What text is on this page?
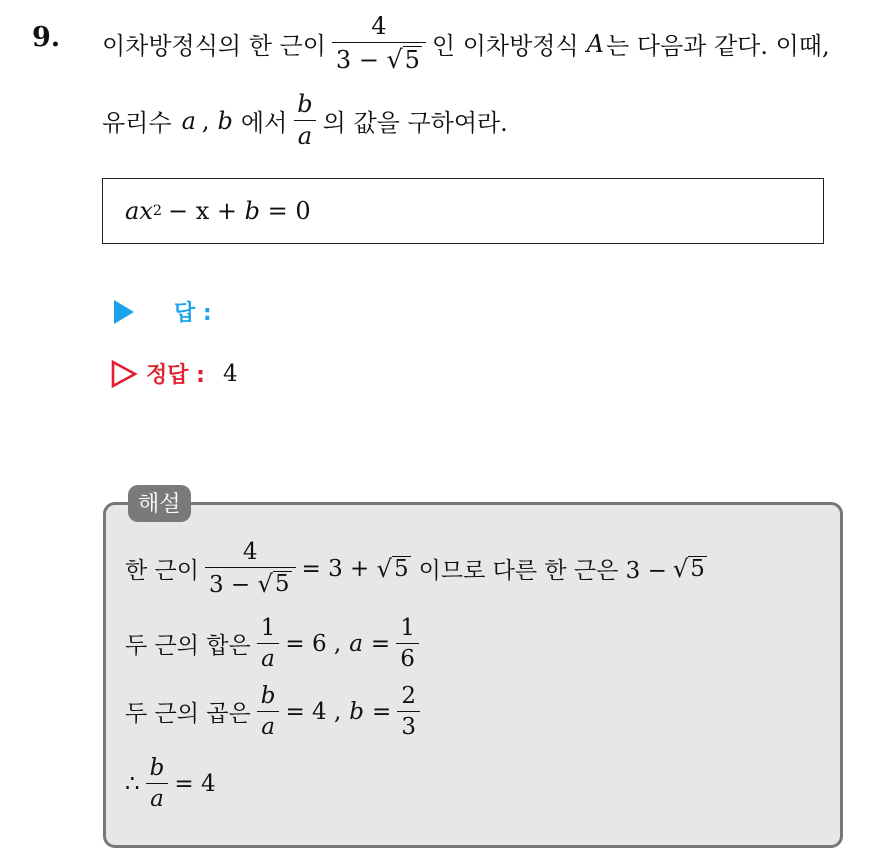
9. 이차방정식의 한 근이 $\frac{4}{3 - √ 5}$ 인 이차방정식 A 는 다음과 같다. 이때,
유리수 a , b 에서 $\frac{b}{a}$ 의 값을 구하여라.
a x 2 − x + b = 0
답 :
정답 : 4
해설
한 근이 $\frac{4}{3 - √ 5} = 3$ + √ 5 이므로 다른 한 근은 3 − √ 5
두 근의 합은 $\frac{1}{a} = 6$ , $a = \frac{1}{6}$
두 근의 곱은 $\frac{b}{a} = 4$ , $b = \frac{2}{3}$
∴ $\frac{b}{a} = 4$
